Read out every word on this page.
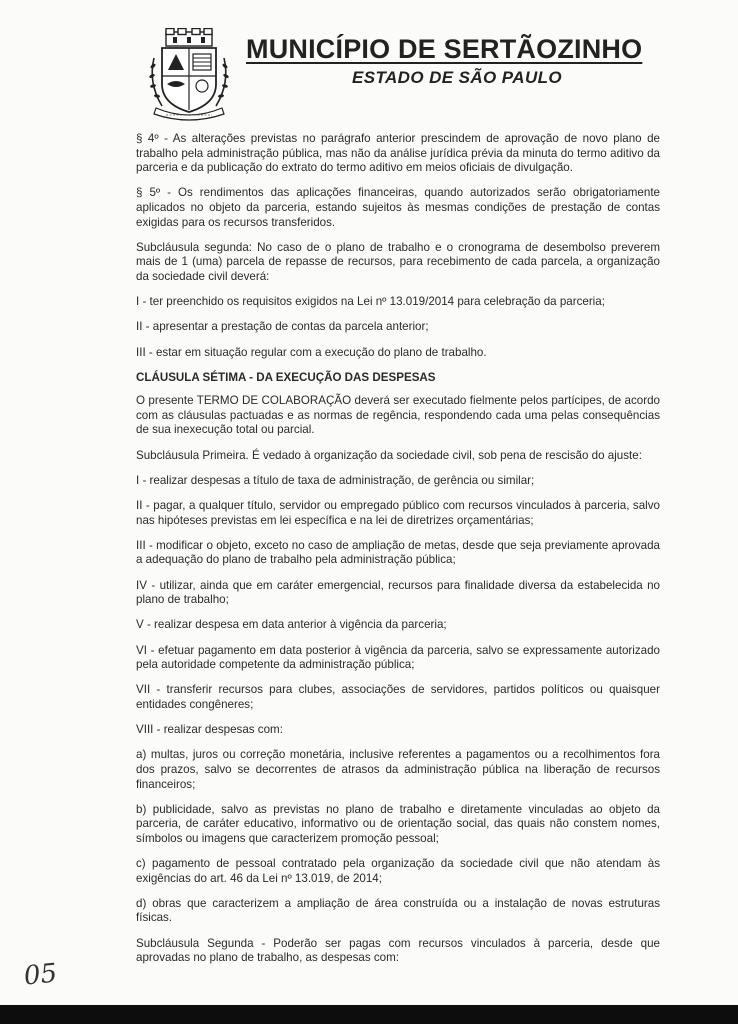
MUNICÍPIO DE SERTÃOZINHO
ESTADO DE SÃO PAULO

§ 4º - As alterações previstas no parágrafo anterior prescindem de aprovação de novo plano de trabalho pela administração pública, mas não da análise jurídica prévia da minuta do termo aditivo da parceria e da publicação do extrato do termo aditivo em meios oficiais de divulgação.

§ 5º - Os rendimentos das aplicações financeiras, quando autorizados serão obrigatoriamente aplicados no objeto da parceria, estando sujeitos às mesmas condições de prestação de contas exigidas para os recursos transferidos.

Subcláusula segunda: No caso de o plano de trabalho e o cronograma de desembolso preverem mais de 1 (uma) parcela de repasse de recursos, para recebimento de cada parcela, a organização da sociedade civil deverá:

I - ter preenchido os requisitos exigidos na Lei nº 13.019/2014 para celebração da parceria;

II - apresentar a prestação de contas da parcela anterior;

III - estar em situação regular com a execução do plano de trabalho.

CLÁUSULA SÉTIMA - DA EXECUÇÃO DAS DESPESAS

O presente TERMO DE COLABORAÇÃO deverá ser executado fielmente pelos partícipes, de acordo com as cláusulas pactuadas e as normas de regência, respondendo cada uma pelas consequências de sua inexecução total ou parcial.

Subcláusula Primeira. É vedado à organização da sociedade civil, sob pena de rescisão do ajuste:

I - realizar despesas a título de taxa de administração, de gerência ou similar;

II - pagar, a qualquer título, servidor ou empregado público com recursos vinculados à parceria, salvo nas hipóteses previstas em lei específica e na lei de diretrizes orçamentárias;

III - modificar o objeto, exceto no caso de ampliação de metas, desde que seja previamente aprovada a adequação do plano de trabalho pela administração pública;

IV - utilizar, ainda que em caráter emergencial, recursos para finalidade diversa da estabelecida no plano de trabalho;

V - realizar despesa em data anterior à vigência da parceria;

VI - efetuar pagamento em data posterior à vigência da parceria, salvo se expressamente autorizado pela autoridade competente da administração pública;

VII - transferir recursos para clubes, associações de servidores, partidos políticos ou quaisquer entidades congêneres;

VIII - realizar despesas com:

a) multas, juros ou correção monetária, inclusive referentes a pagamentos ou a recolhimentos fora dos prazos, salvo se decorrentes de atrasos da administração pública na liberação de recursos financeiros;

b) publicidade, salvo as previstas no plano de trabalho e diretamente vinculadas ao objeto da parceria, de caráter educativo, informativo ou de orientação social, das quais não constem nomes, símbolos ou imagens que caracterizem promoção pessoal;

c) pagamento de pessoal contratado pela organização da sociedade civil que não atendam às exigências do art. 46 da Lei nº 13.019, de 2014;

d) obras que caracterizem a ampliação de área construída ou a instalação de novas estruturas físicas.

Subcláusula Segunda - Poderão ser pagas com recursos vinculados à parceria, desde que aprovadas no plano de trabalho, as despesas com:

05
